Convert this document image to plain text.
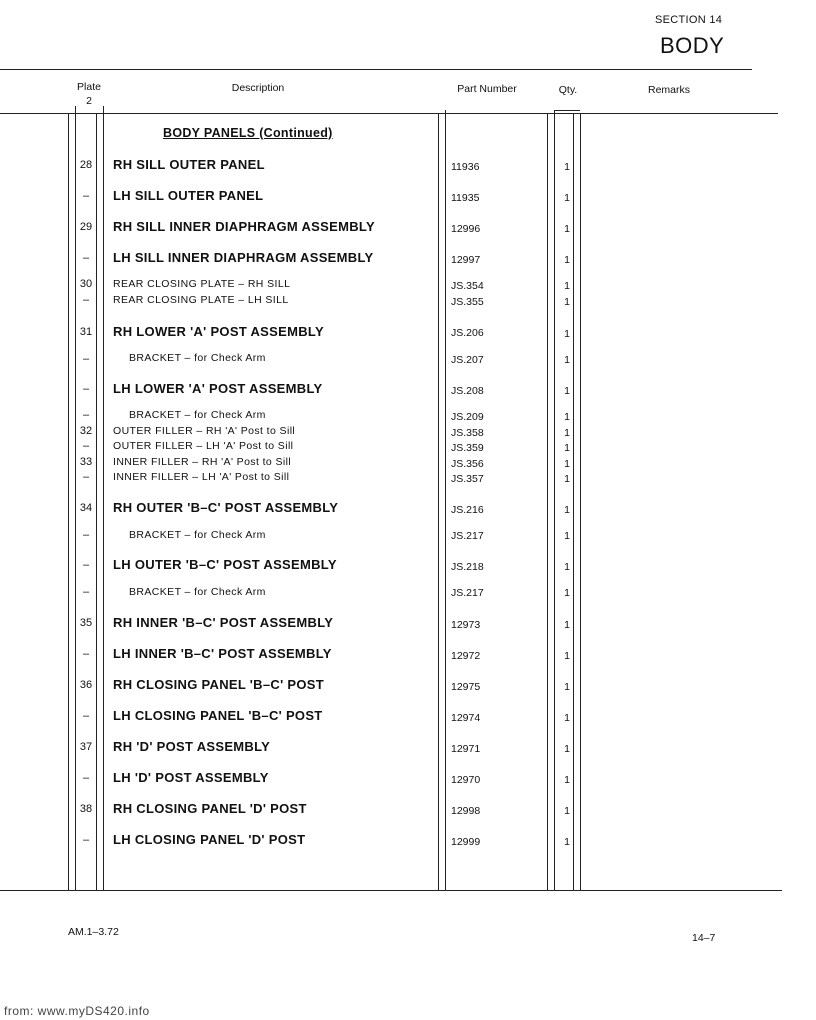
SECTION 14
BODY
Plate
2
Description	Part Number	Qty.	Remarks
BODY PANELS (Continued)
28 RH SILL OUTER PANEL	11936	1
–	LH SILL OUTER PANEL	11935	1
29 RH SILL INNER DIAPHRAGM ASSEMBLY	12996	1
–	LH SILL INNER DIAPHRAGM ASSEMBLY	12997	1
30	REAR CLOSING PLATE – RH SILL	JS.354	1
–	REAR CLOSING PLATE – LH SILL	JS.355	1
31 RH LOWER 'A' POST ASSEMBLY	JS.206	1
–	BRACKET – for Check Arm	JS.207	1
–	LH LOWER 'A' POST ASSEMBLY	JS.208	1
–	BRACKET – for Check Arm	JS.209	1
32	OUTER FILLER – RH 'A' Post to Sill	JS.358	1
–	OUTER FILLER – LH 'A' Post to Sill	JS.359	1
33	INNER FILLER – RH 'A' Post to Sill	JS.356	1
–	INNER FILLER – LH 'A' Post to Sill	JS.357	1
34 RH OUTER 'B–C' POST ASSEMBLY	JS.216	1
–	BRACKET – for Check Arm	JS.217	1
–	LH OUTER 'B–C' POST ASSEMBLY	JS.218	1
–	BRACKET – for Check Arm	JS.217	1
35 RH INNER 'B–C' POST ASSEMBLY	12973	1
–	LH INNER 'B–C' POST ASSEMBLY	12972	1
36 RH CLOSING PANEL 'B–C' POST	12975	1
–	LH CLOSING PANEL 'B–C' POST	12974	1
37 RH 'D' POST ASSEMBLY	12971	1
–	LH 'D' POST ASSEMBLY	12970	1
38 RH CLOSING PANEL 'D' POST	12998	1
–	LH CLOSING PANEL 'D' POST	12999	1
AM.1–3.72	14–7
from: www.myDS420.info
